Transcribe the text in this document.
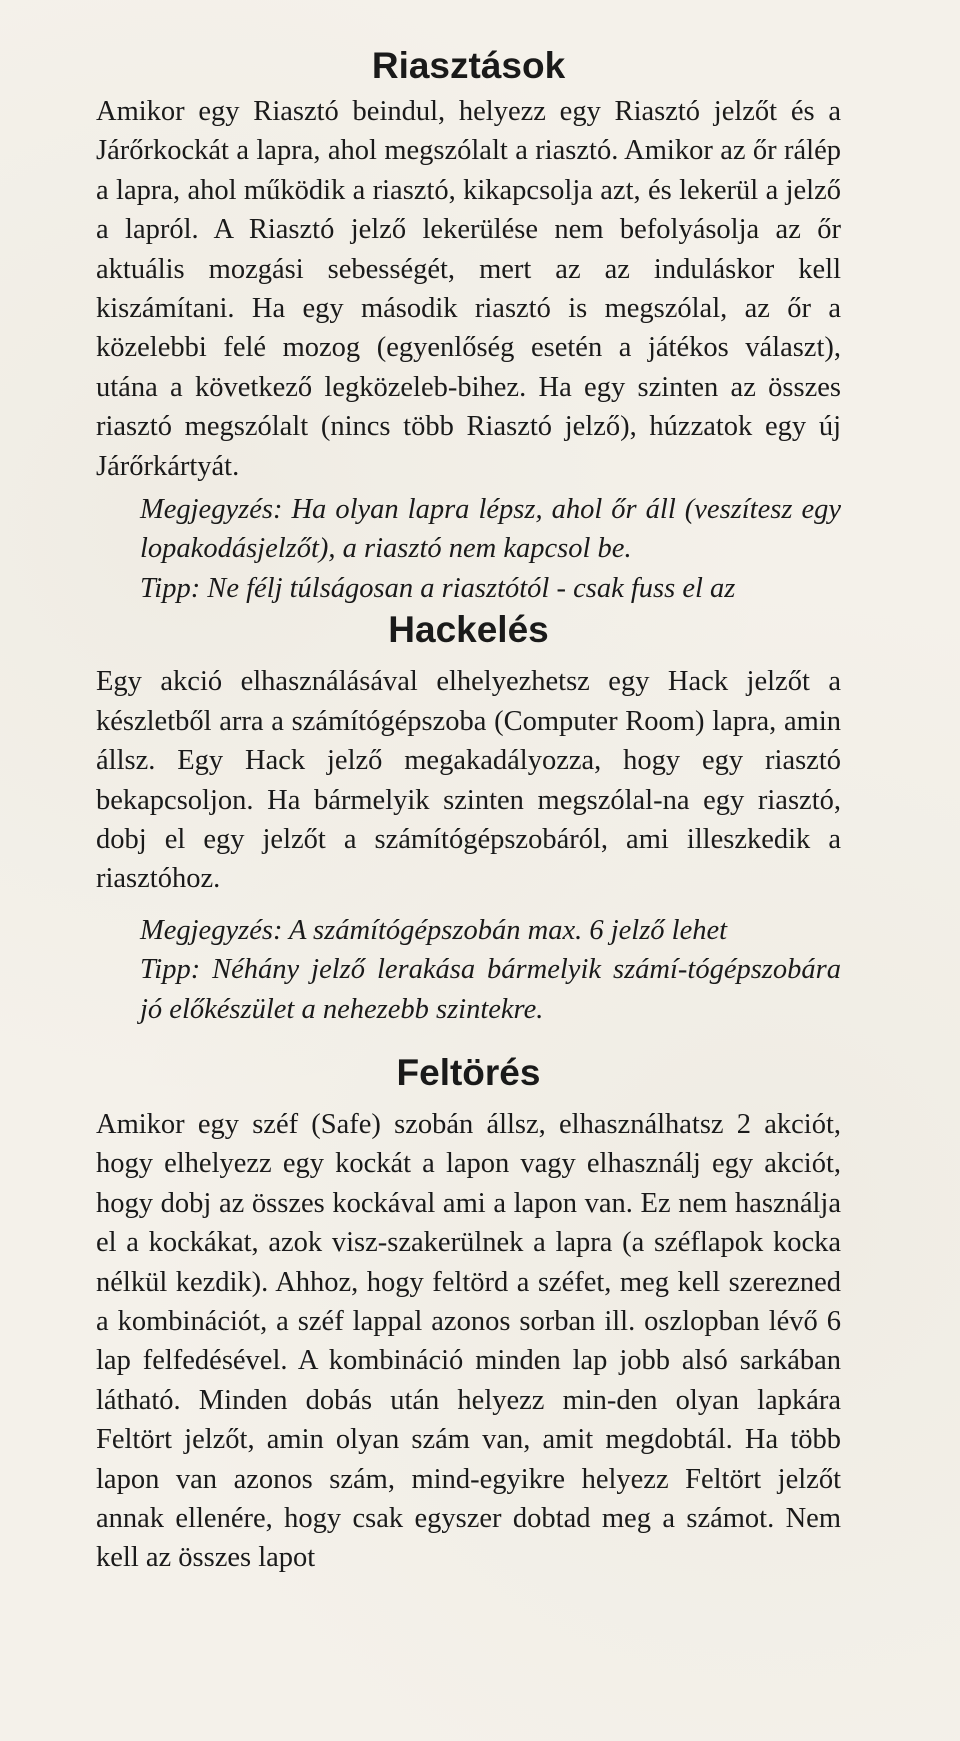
Riasztások

Amikor egy Riasztó beindul, helyezz egy Riasztó jelzőt és a Járőrkockát a lapra, ahol megszólalt a riasztó. Amikor az őr rálép a lapra, ahol működik a riasztó, kikapcsolja azt, és lekerül a jelző a lapról. A Riasztó jelző lekerülése nem befolyásolja az őr aktuális mozgási sebességét, mert az az induláskor kell kiszámítani. Ha egy második riasztó is megszólal, az őr a közelebbi felé mozog (egyenlőség esetén a játékos választ), utána a következő legközeleb-bihez. Ha egy szinten az összes riasztó megszólalt (nincs több Riasztó jelző), húzzatok egy új Járőrkártyát.

Megjegyzés: Ha olyan lapra lépsz, ahol őr áll (veszítesz egy lopakodásjelzőt), a riasztó nem kapcsol be.

Tipp: Ne félj túlságosan a riasztótól - csak fuss el az

Hackelés

Egy akció elhasználásával elhelyezhetsz egy Hack jelzőt a készletből arra a számítógépszoba (Computer Room) lapra, amin állsz. Egy Hack jelző megakadályozza, hogy egy riasztó bekapcsoljon. Ha bármelyik szinten megszólal-na egy riasztó, dobj el egy jelzőt a számítógépszobáról, ami illeszkedik a riasztóhoz.

Megjegyzés: A számítógépszobán max. 6 jelző lehet

Tipp: Néhány jelző lerakása bármelyik számí-tógépszobára jó előkészület a nehezebb szintekre.

Feltörés

Amikor egy széf (Safe) szobán állsz, elhasználhatsz 2 akciót, hogy elhelyezz egy kockát a lapon vagy elhasználj egy akciót, hogy dobj az összes kockával ami a lapon van. Ez nem használja el a kockákat, azok visz-szakerülnek a lapra (a széflapok kocka nélkül kezdik). Ahhoz, hogy feltörd a széfet, meg kell szerezned a kombinációt, a széf lappal azonos sorban ill. oszlopban lévő 6 lap felfedésével. A kombináció minden lap jobb alsó sarkában látható. Minden dobás után helyezz min-den olyan lapkára Feltört jelzőt, amin olyan szám van, amit megdobtál. Ha több lapon van azonos szám, mind-egyikre helyezz Feltört jelzőt annak ellenére, hogy csak egyszer dobtad meg a számot. Nem kell az összes lapot
